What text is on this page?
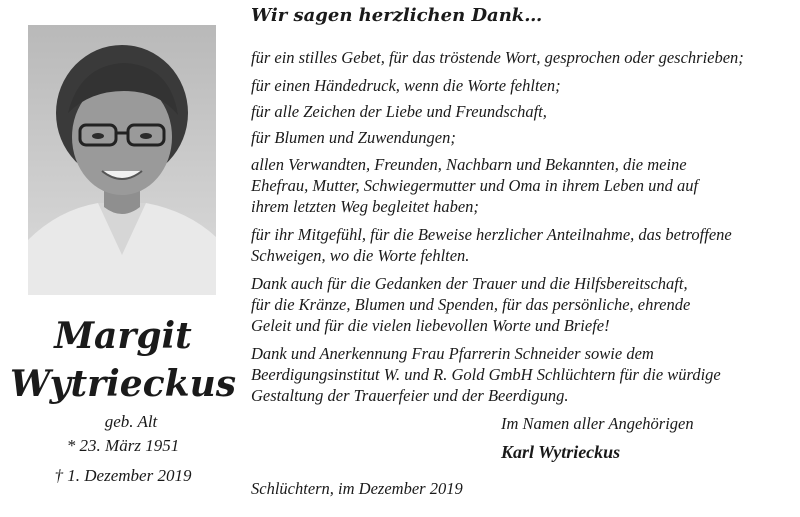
Margit
Wytrieckus
geb. Alt
* 23. März 1951
† 1. Dezember 2019
Wir sagen herzlichen Dank…
für ein stilles Gebet, für das tröstende Wort, gesprochen oder geschrieben;
für einen Händedruck, wenn die Worte fehlten;
für alle Zeichen der Liebe und Freundschaft,
für Blumen und Zuwendungen;
allen Verwandten, Freunden, Nachbarn und Bekannten, die meine
Ehefrau, Mutter, Schwiegermutter und Oma in ihrem Leben und auf
ihrem letzten Weg begleitet haben;
für ihr Mitgefühl, für die Beweise herzlicher Anteilnahme, das betroffene
Schweigen, wo die Worte fehlten.
Dank auch für die Gedanken der Trauer und die Hilfsbereitschaft,
für die Kränze, Blumen und Spenden, für das persönliche, ehrende
Geleit und für die vielen liebevollen Worte und Briefe!
Dank und Anerkennung Frau Pfarrerin Schneider sowie dem
Beerdigungsinstitut W. und R. Gold GmbH Schlüchtern für die würdige
Gestaltung der Trauerfeier und der Beerdigung.
Im Namen aller Angehörigen
Karl Wytrieckus
Schlüchtern, im Dezember 2019
